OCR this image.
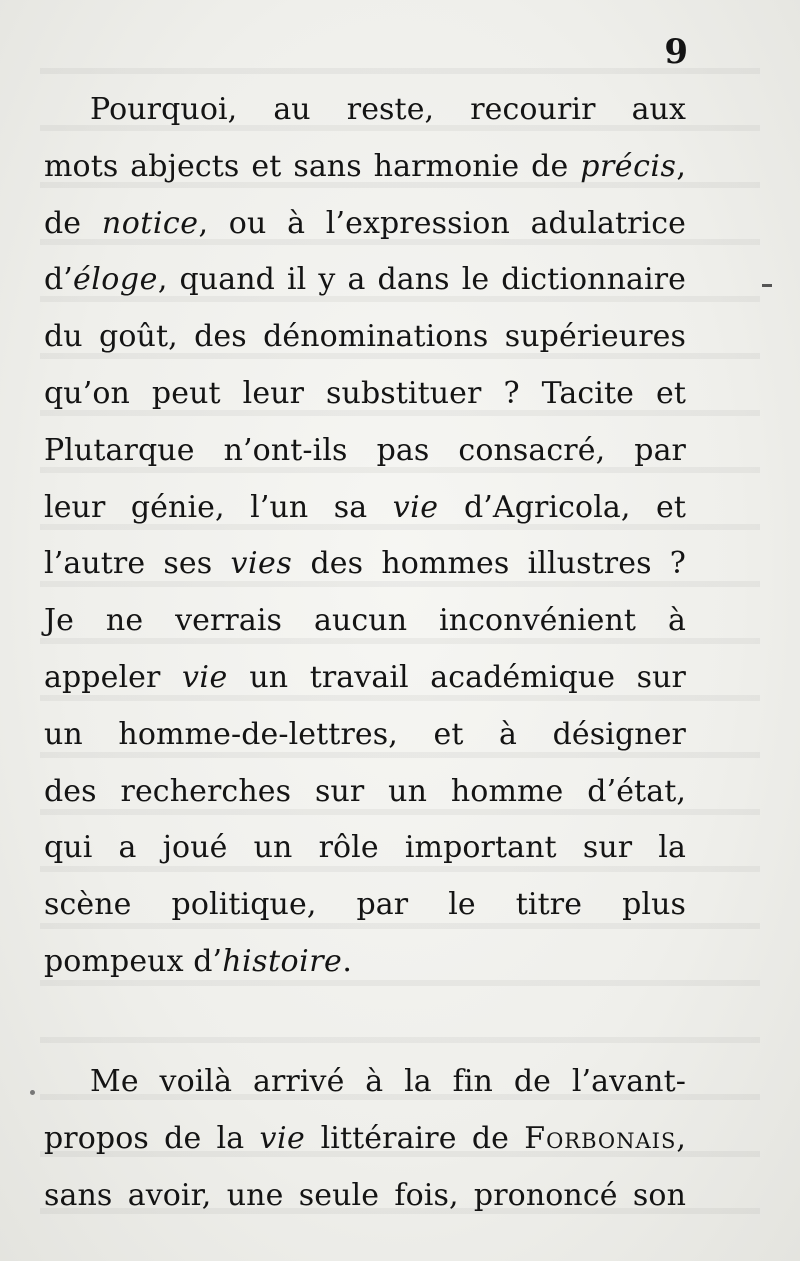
9
Pourquoi, au reste, recourir aux
mots abjects et sans harmonie de précis,
de notice, ou à l’expression adulatrice
d’éloge, quand il y a dans le dictionnaire
du goût, des dénominations supérieures
qu’on peut leur substituer ? Tacite et
Plutarque n’ont-ils pas consacré, par
leur génie, l’un sa vie d’Agricola, et
l’autre ses vies des hommes illustres ?
Je ne verrais aucun inconvénient à
appeler vie un travail académique sur
un homme-de-lettres, et à désigner
des recherches sur un homme d’état,
qui a joué un rôle important sur la
scène politique, par le titre plus
pompeux d’histoire.
Me voilà arrivé à la fin de l’avant-
propos de la vie littéraire de Forbonais,
sans avoir, une seule fois, prononcé son
